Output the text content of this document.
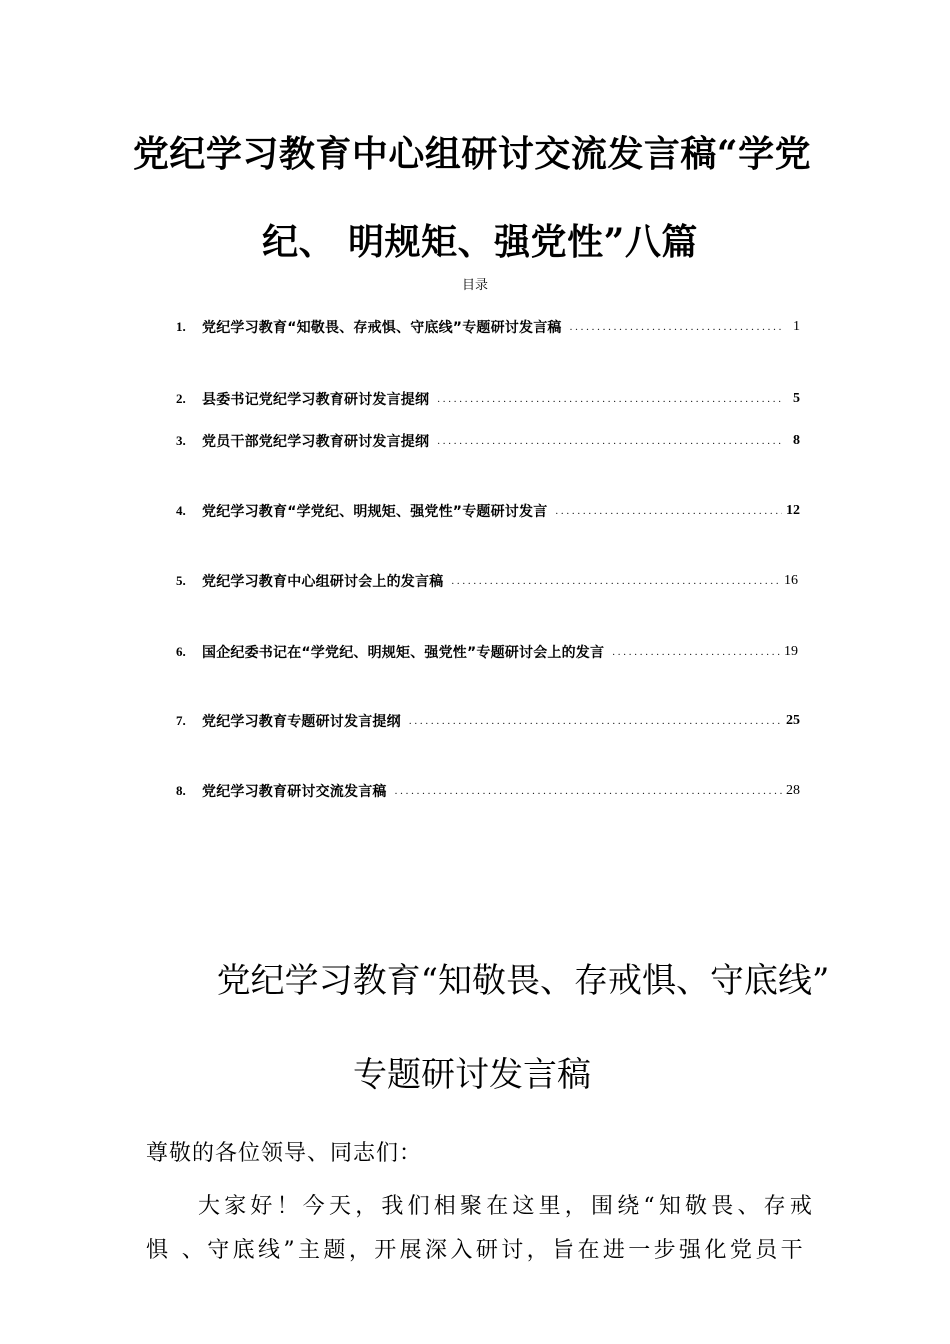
党纪学习教育中心组研讨交流发言稿“学党
纪、 明规矩、强党性”八篇
目录
1.	党纪学习教育“知敬畏、存戒惧、守底线”专题研讨发言稿 . . .	1
2.	县委书记党纪学习教育研讨发言提纲 . . .	5
3.	党员干部党纪学习教育研讨发言提纲 . . .	8
4.	党纪学习教育“学党纪、明规矩、强党性”专题研讨发言 . . .	12
5.	党纪学习教育中心组研讨会上的发言稿 . . .	16
6.	国企纪委书记在“学党纪、明规矩、强党性”专题研讨会上的发言 . . .	19
7.	党纪学习教育专题研讨发言提纲 . . .	25
8.	党纪学习教育研讨交流发言稿 . . .	28
党纪学习教育“知敬畏、存戒惧、守底线”
专题研讨发言稿

尊敬的各位领导、同志们：

大家好！今天，我们相聚在这里，围绕“知敬畏、存戒

惧 、守底线”主题，开展深入研讨，旨在进一步强化党员干
